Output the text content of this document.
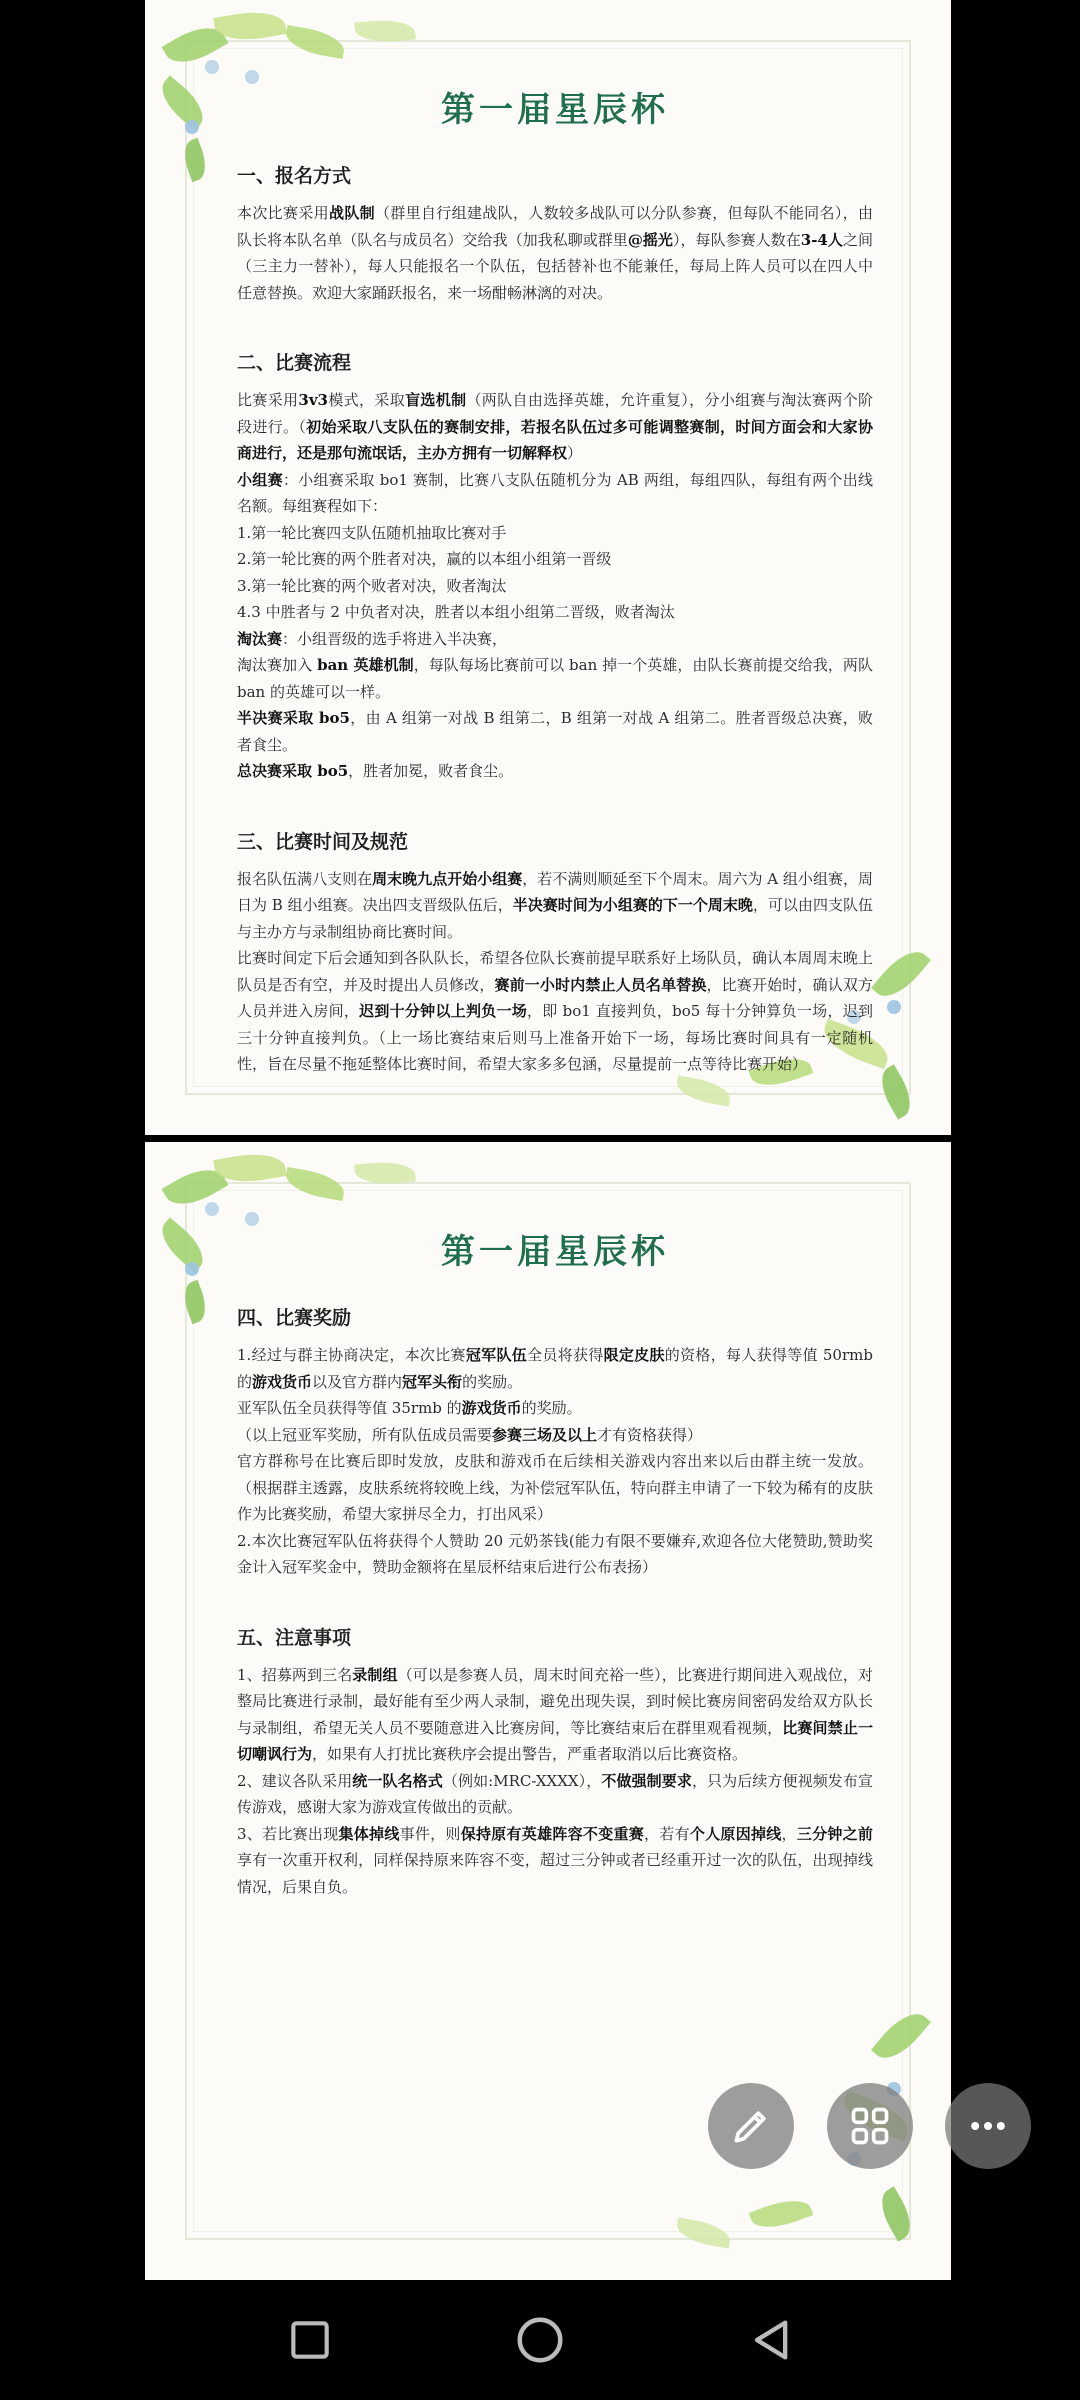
第一届星辰杯
一、报名方式

本次比赛采用战队制（群里自行组建战队，人数较多战队可以分队参赛，但每队不能同名），由队长将本队名单（队名与成员名）交给我（加我私聊或群里@摇光），每队参赛人数在3-4人之间（三主力一替补），每人只能报名一个队伍，包括替补也不能兼任，每局上阵人员可以在四人中任意替换。欢迎大家踊跃报名，来一场酣畅淋漓的对决。

二、比赛流程

比赛采用3v3模式，采取盲选机制（两队自由选择英雄，允许重复），分小组赛与淘汰赛两个阶段进行。（初始采取八支队伍的赛制安排，若报名队伍过多可能调整赛制，时间方面会和大家协商进行，还是那句流氓话，主办方拥有一切解释权）

小组赛：小组赛采取 bo1 赛制，比赛八支队伍随机分为 AB 两组，每组四队，每组有两个出线名额。每组赛程如下：

1.第一轮比赛四支队伍随机抽取比赛对手

2.第一轮比赛的两个胜者对决，赢的以本组小组第一晋级

3.第一轮比赛的两个败者对决，败者淘汰

4.3 中胜者与 2 中负者对决，胜者以本组小组第二晋级，败者淘汰

淘汰赛：小组晋级的选手将进入半决赛，

淘汰赛加入 ban 英雄机制，每队每场比赛前可以 ban 掉一个英雄，由队长赛前提交给我，两队 ban 的英雄可以一样。

半决赛采取 bo5，由 A 组第一对战 B 组第二，B 组第一对战 A 组第二。胜者晋级总决赛，败者食尘。

总决赛采取 bo5，胜者加冕，败者食尘。

三、比赛时间及规范

报名队伍满八支则在周末晚九点开始小组赛，若不满则顺延至下个周末。周六为 A 组小组赛，周日为 B 组小组赛。决出四支晋级队伍后，半决赛时间为小组赛的下一个周末晚，可以由四支队伍与主办方与录制组协商比赛时间。

比赛时间定下后会通知到各队队长，希望各位队长赛前提早联系好上场队员，确认本周周末晚上队员是否有空，并及时提出人员修改，赛前一小时内禁止人员名单替换，比赛开始时，确认双方人员并进入房间，迟到十分钟以上判负一场，即 bo1 直接判负，bo5 每十分钟算负一场，迟到三十分钟直接判负。（上一场比赛结束后则马上准备开始下一场，每场比赛时间具有一定随机性，旨在尽量不拖延整体比赛时间，希望大家多多包涵，尽量提前一点等待比赛开始）

第一届星辰杯
四、比赛奖励

1.经过与群主协商决定，本次比赛冠军队伍全员将获得限定皮肤的资格，每人获得等值 50rmb 的游戏货币以及官方群内冠军头衔的奖励。

亚军队伍全员获得等值 35rmb 的游戏货币的奖励。

（以上冠亚军奖励，所有队伍成员需要参赛三场及以上才有资格获得）

官方群称号在比赛后即时发放，皮肤和游戏币在后续相关游戏内容出来以后由群主统一发放。（根据群主透露，皮肤系统将较晚上线，为补偿冠军队伍，特向群主申请了一下较为稀有的皮肤作为比赛奖励，希望大家拼尽全力，打出风采）

2.本次比赛冠军队伍将获得个人赞助 20 元奶茶钱(能力有限不要嫌弃,欢迎各位大佬赞助,赞助奖金计入冠军奖金中，赞助金额将在星辰杯结束后进行公布表扬）

五、注意事项

1、招募两到三名录制组（可以是参赛人员，周末时间充裕一些），比赛进行期间进入观战位，对整局比赛进行录制，最好能有至少两人录制，避免出现失误，到时候比赛房间密码发给双方队长与录制组，希望无关人员不要随意进入比赛房间，等比赛结束后在群里观看视频，比赛间禁止一切嘲讽行为，如果有人打扰比赛秩序会提出警告，严重者取消以后比赛资格。

2、建议各队采用统一队名格式（例如:MRC-XXXX），不做强制要求，只为后续方便视频发布宣传游戏，感谢大家为游戏宣传做出的贡献。

3、若比赛出现集体掉线事件，则保持原有英雄阵容不变重赛，若有个人原因掉线，三分钟之前享有一次重开权利，同样保持原来阵容不变，超过三分钟或者已经重开过一次的队伍，出现掉线情况，后果自负。
